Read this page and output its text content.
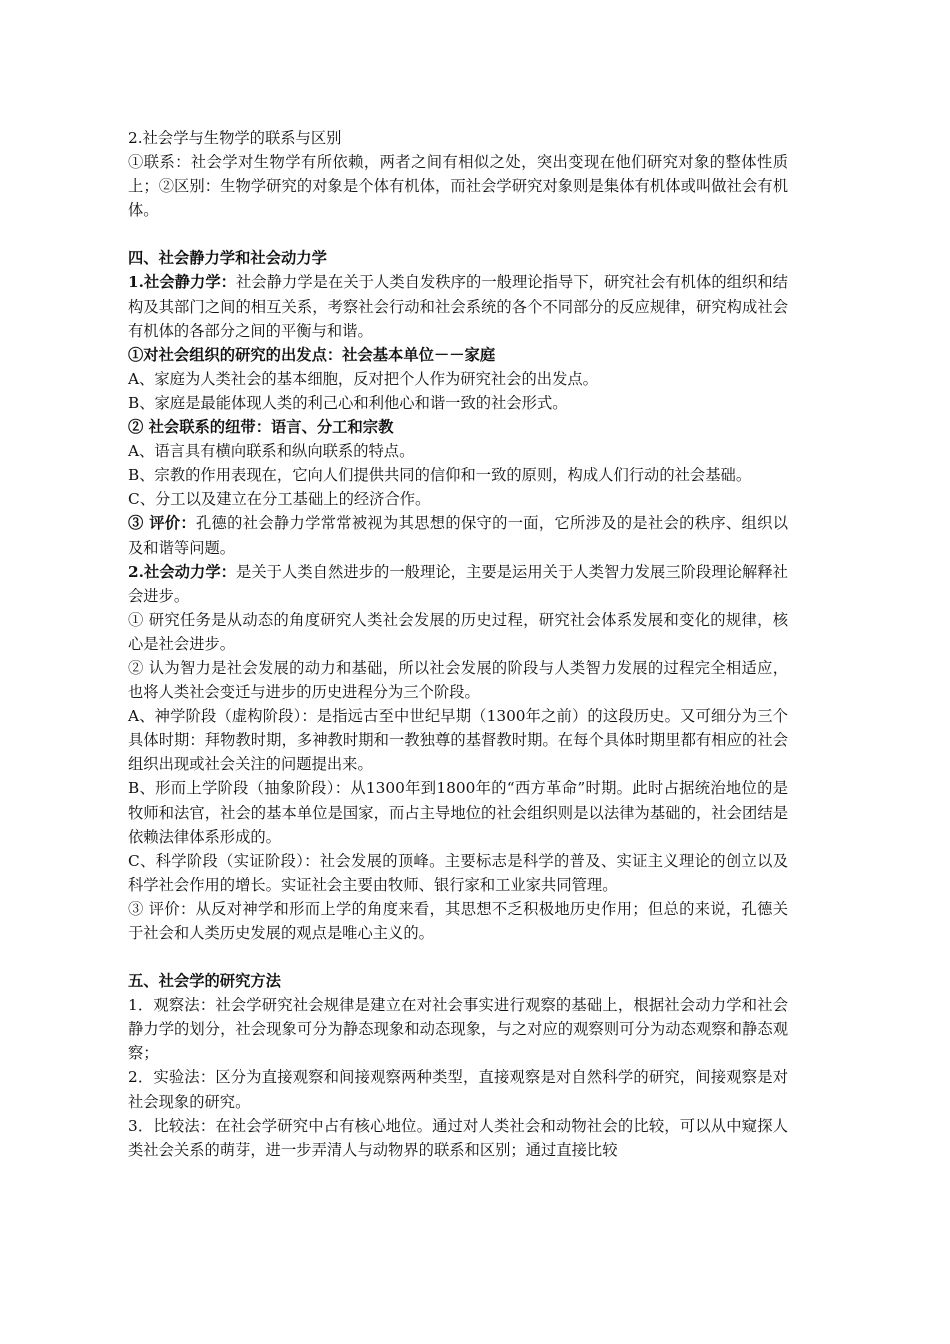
2.社会学与生物学的联系与区别

①联系：社会学对生物学有所依赖，两者之间有相似之处，突出变现在他们研究对象的整体性质上；②区别：生物学研究的对象是个体有机体，而社会学研究对象则是集体有机体或叫做社会有机体。

四、社会静力学和社会动力学

1.社会静力学：社会静力学是在关于人类自发秩序的一般理论指导下，研究社会有机体的组织和结构及其部门之间的相互关系，考察社会行动和社会系统的各个不同部分的反应规律，研究构成社会有机体的各部分之间的平衡与和谐。

①对社会组织的研究的出发点：社会基本单位－－家庭

A、家庭为人类社会的基本细胞，反对把个人作为研究社会的出发点。

B、家庭是最能体现人类的利己心和利他心和谐一致的社会形式。

② 社会联系的纽带：语言、分工和宗教

A、语言具有横向联系和纵向联系的特点。

B、宗教的作用表现在，它向人们提供共同的信仰和一致的原则，构成人们行动的社会基础。

C、分工以及建立在分工基础上的经济合作。

③ 评价：孔德的社会静力学常常被视为其思想的保守的一面，它所涉及的是社会的秩序、组织以及和谐等问题。

2.社会动力学：是关于人类自然进步的一般理论，主要是运用关于人类智力发展三阶段理论解释社会进步。

① 研究任务是从动态的角度研究人类社会发展的历史过程，研究社会体系发展和变化的规律，核心是社会进步。

② 认为智力是社会发展的动力和基础，所以社会发展的阶段与人类智力发展的过程完全相适应，也将人类社会变迁与进步的历史进程分为三个阶段。

A、神学阶段（虚构阶段）：是指远古至中世纪早期（1300年之前）的这段历史。又可细分为三个具体时期：拜物教时期，多神教时期和一教独尊的基督教时期。在每个具体时期里都有相应的社会组织出现或社会关注的问题提出来。

B、形而上学阶段（抽象阶段）：从1300年到1800年的“西方革命”时期。此时占据统治地位的是牧师和法官，社会的基本单位是国家，而占主导地位的社会组织则是以法律为基础的，社会团结是依赖法律体系形成的。

C、科学阶段（实证阶段）：社会发展的顶峰。主要标志是科学的普及、实证主义理论的创立以及科学社会作用的增长。实证社会主要由牧师、银行家和工业家共同管理。

③ 评价：从反对神学和形而上学的角度来看，其思想不乏积极地历史作用；但总的来说，孔德关于社会和人类历史发展的观点是唯心主义的。

五、社会学的研究方法

1．观察法：社会学研究社会规律是建立在对社会事实进行观察的基础上，根据社会动力学和社会静力学的划分，社会现象可分为静态现象和动态现象，与之对应的观察则可分为动态观察和静态观察；

2．实验法：区分为直接观察和间接观察两种类型，直接观察是对自然科学的研究，间接观察是对社会现象的研究。

3．比较法：在社会学研究中占有核心地位。通过对人类社会和动物社会的比较，可以从中窥探人类社会关系的萌芽，进一步弄清人与动物界的联系和区别；通过直接比较
